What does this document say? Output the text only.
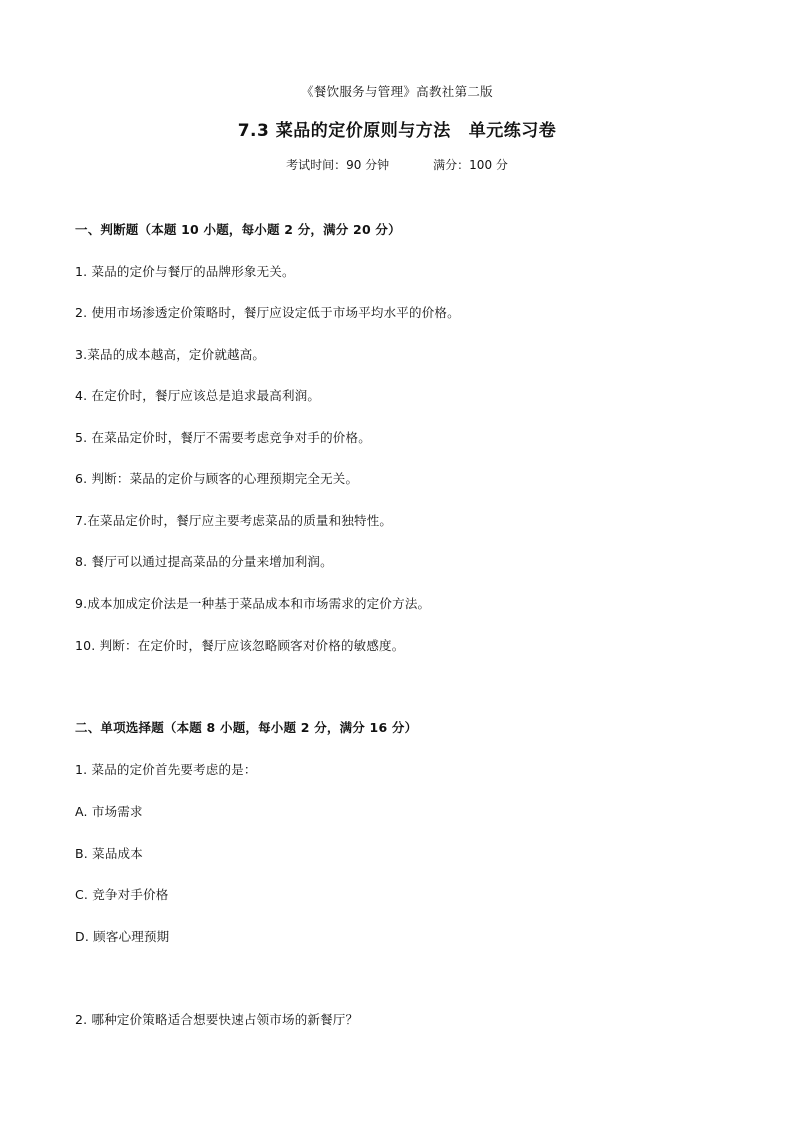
《餐饮服务与管理》高教社第二版
7.3 菜品的定价原则与方法 单元练习卷
考试时间：90 分钟	满分：100 分
一、判断题（本题 10 小题，每小题 2 分，满分 20 分）
1. 菜品的定价与餐厅的品牌形象无关。
2. 使用市场渗透定价策略时，餐厅应设定低于市场平均水平的价格。
3.菜品的成本越高，定价就越高。
4. 在定价时，餐厅应该总是追求最高利润。
5. 在菜品定价时，餐厅不需要考虑竞争对手的价格。
6. 判断：菜品的定价与顾客的心理预期完全无关。
7.在菜品定价时，餐厅应主要考虑菜品的质量和独特性。
8. 餐厅可以通过提高菜品的分量来增加利润。
9.成本加成定价法是一种基于菜品成本和市场需求的定价方法。
10. 判断：在定价时，餐厅应该忽略顾客对价格的敏感度。
二、单项选择题（本题 8 小题，每小题 2 分，满分 16 分）
1. 菜品的定价首先要考虑的是：
A. 市场需求
B. 菜品成本
C. 竞争对手价格
D. 顾客心理预期
2. 哪种定价策略适合想要快速占领市场的新餐厅？
